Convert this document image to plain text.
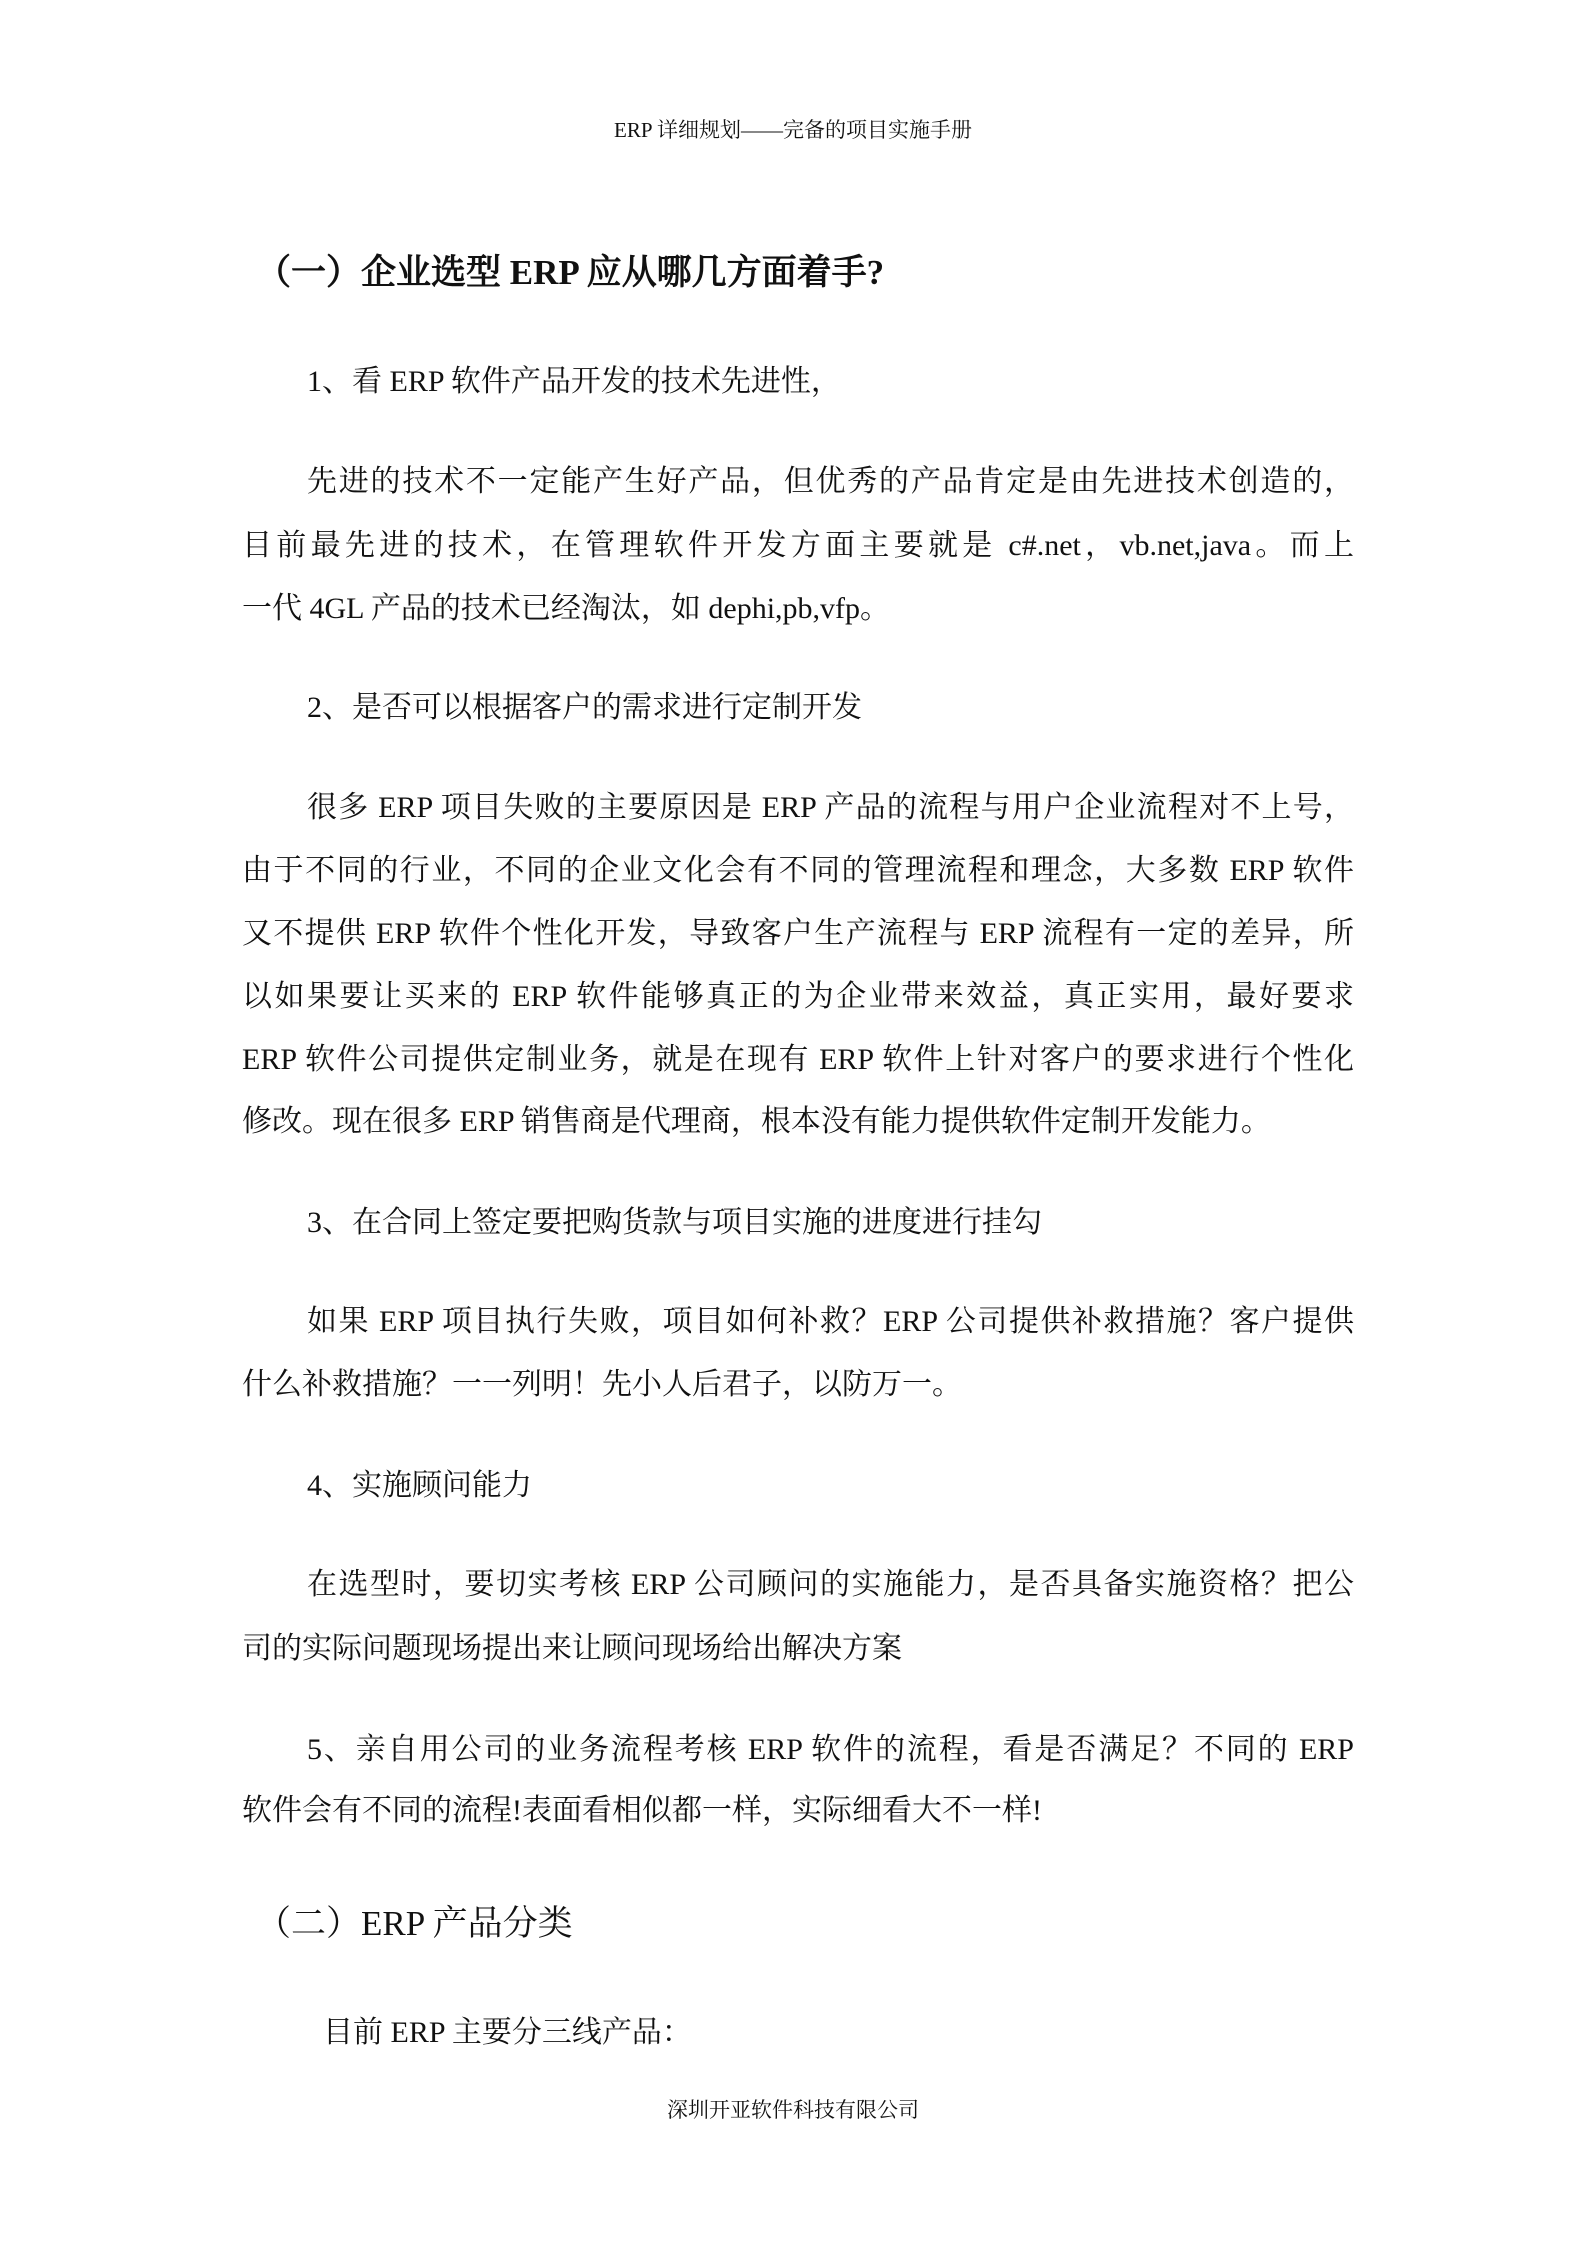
ERP 详细规划——完备的项目实施手册
（一）企业选型 ERP 应从哪几方面着手?
1、看 ERP 软件产品开发的技术先进性，
先进的技术不一定能产生好产品，但优秀的产品肯定是由先进技术创造的，
目前最先进的技术，在管理软件开发方面主要就是 c#.net，vb.net,java。而上
一代 4GL 产品的技术已经淘汰，如 dephi,pb,vfp。
2、是否可以根据客户的需求进行定制开发
很多 ERP 项目失败的主要原因是 ERP 产品的流程与用户企业流程对不上号，
由于不同的行业，不同的企业文化会有不同的管理流程和理念，大多数 ERP 软件
又不提供 ERP 软件个性化开发，导致客户生产流程与 ERP 流程有一定的差异，所
以如果要让买来的 ERP 软件能够真正的为企业带来效益，真正实用，最好要求
ERP 软件公司提供定制业务，就是在现有 ERP 软件上针对客户的要求进行个性化
修改。现在很多 ERP 销售商是代理商，根本没有能力提供软件定制开发能力。
3、在合同上签定要把购货款与项目实施的进度进行挂勾
如果 ERP 项目执行失败，项目如何补救？ERP 公司提供补救措施？客户提供
什么补救措施？一一列明！先小人后君子，以防万一。
4、实施顾问能力
在选型时，要切实考核 ERP 公司顾问的实施能力，是否具备实施资格？把公
司的实际问题现场提出来让顾问现场给出解决方案
5、亲自用公司的业务流程考核 ERP 软件的流程，看是否满足？不同的 ERP
软件会有不同的流程!表面看相似都一样，实际细看大不一样!
（二）ERP 产品分类
目前 ERP 主要分三线产品：
深圳开亚软件科技有限公司
